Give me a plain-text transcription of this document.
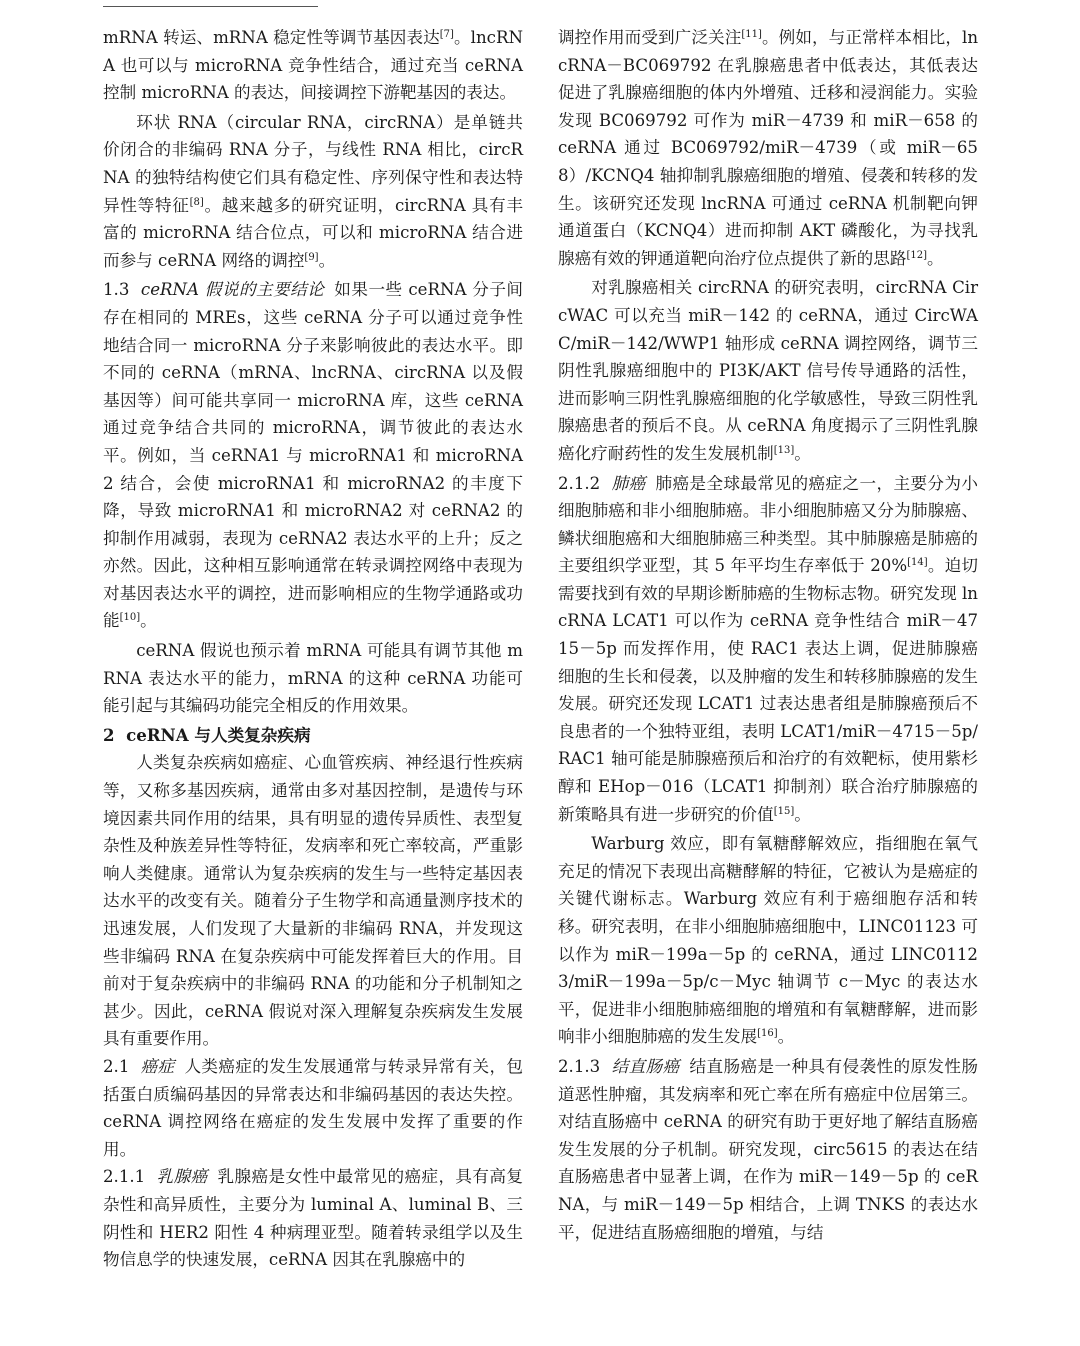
mRNA 转运、mRNA 稳定性等调节基因表达[7]。lncRNA 也可以与 microRNA 竞争性结合，通过充当 ceRNA 控制 microRNA 的表达，间接调控下游靶基因的表达。

环状 RNA（circular RNA，circRNA）是单链共价闭合的非编码 RNA 分子，与线性 RNA 相比，circRNA 的独特结构使它们具有稳定性、序列保守性和表达特异性等特征[8]。越来越多的研究证明，circRNA 具有丰富的 microRNA 结合位点，可以和 microRNA 结合进而参与 ceRNA 网络的调控[9]。

1.3 ceRNA 假说的主要结论 如果一些 ceRNA 分子间存在相同的 MREs，这些 ceRNA 分子可以通过竞争性地结合同一 microRNA 分子来影响彼此的表达水平。即不同的 ceRNA（mRNA、lncRNA、circRNA 以及假基因等）间可能共享同一 microRNA 库，这些 ceRNA 通过竞争结合共同的 microRNA，调节彼此的表达水平。例如，当 ceRNA1 与 microRNA1 和 microRNA2 结合，会使 microRNA1 和 microRNA2 的丰度下降，导致 microRNA1 和 microRNA2 对 ceRNA2 的抑制作用减弱，表现为 ceRNA2 表达水平的上升；反之亦然。因此，这种相互影响通常在转录调控网络中表现为对基因表达水平的调控，进而影响相应的生物学通路或功能[10]。

ceRNA 假说也预示着 mRNA 可能具有调节其他 mRNA 表达水平的能力，mRNA 的这种 ceRNA 功能可能引起与其编码功能完全相反的作用效果。

2 ceRNA 与人类复杂疾病

人类复杂疾病如癌症、心血管疾病、神经退行性疾病等，又称多基因疾病，通常由多对基因控制，是遗传与环境因素共同作用的结果，具有明显的遗传异质性、表型复杂性及种族差异性等特征，发病率和死亡率较高，严重影响人类健康。通常认为复杂疾病的发生与一些特定基因表达水平的改变有关。随着分子生物学和高通量测序技术的迅速发展，人们发现了大量新的非编码 RNA，并发现这些非编码 RNA 在复杂疾病中可能发挥着巨大的作用。目前对于复杂疾病中的非编码 RNA 的功能和分子机制知之甚少。因此，ceRNA 假说对深入理解复杂疾病发生发展具有重要作用。

2.1 癌症 人类癌症的发生发展通常与转录异常有关，包括蛋白质编码基因的异常表达和非编码基因的表达失控。ceRNA 调控网络在癌症的发生发展中发挥了重要的作用。

2.1.1 乳腺癌 乳腺癌是女性中最常见的癌症，具有高复杂性和高异质性，主要分为 luminal A、luminal B、三阴性和 HER2 阳性 4 种病理亚型。随着转录组学以及生物信息学的快速发展，ceRNA 因其在乳腺癌中的

调控作用而受到广泛关注[11]。例如，与正常样本相比，lncRNA－BC069792 在乳腺癌患者中低表达，其低表达促进了乳腺癌细胞的体内外增殖、迁移和浸润能力。实验发现 BC069792 可作为 miR－4739 和 miR－658 的 ceRNA 通过 BC069792/miR－4739（或 miR－658）/KCNQ4 轴抑制乳腺癌细胞的增殖、侵袭和转移的发生。该研究还发现 lncRNA 可通过 ceRNA 机制靶向钾通道蛋白（KCNQ4）进而抑制 AKT 磷酸化，为寻找乳腺癌有效的钾通道靶向治疗位点提供了新的思路[12]。

对乳腺癌相关 circRNA 的研究表明，circRNA CircWAC 可以充当 miR－142 的 ceRNA，通过 CircWAC/miR－142/WWP1 轴形成 ceRNA 调控网络，调节三阴性乳腺癌细胞中的 PI3K/AKT 信号传导通路的活性，进而影响三阴性乳腺癌细胞的化学敏感性，导致三阴性乳腺癌患者的预后不良。从 ceRNA 角度揭示了三阴性乳腺癌化疗耐药性的发生发展机制[13]。

2.1.2 肺癌 肺癌是全球最常见的癌症之一，主要分为小细胞肺癌和非小细胞肺癌。非小细胞肺癌又分为肺腺癌、鳞状细胞癌和大细胞肺癌三种类型。其中肺腺癌是肺癌的主要组织学亚型，其 5 年平均生存率低于 20%[14]。迫切需要找到有效的早期诊断肺癌的生物标志物。研究发现 lncRNA LCAT1 可以作为 ceRNA 竞争性结合 miR－4715－5p 而发挥作用，使 RAC1 表达上调，促进肺腺癌细胞的生长和侵袭，以及肿瘤的发生和转移肺腺癌的发生发展。研究还发现 LCAT1 过表达患者组是肺腺癌预后不良患者的一个独特亚组，表明 LCAT1/miR－4715－5p/RAC1 轴可能是肺腺癌预后和治疗的有效靶标，使用紫杉醇和 EHop－016（LCAT1 抑制剂）联合治疗肺腺癌的新策略具有进一步研究的价值[15]。

Warburg 效应，即有氧糖酵解效应，指细胞在氧气充足的情况下表现出高糖酵解的特征，它被认为是癌症的关键代谢标志。Warburg 效应有利于癌细胞存活和转移。研究表明，在非小细胞肺癌细胞中，LINC01123 可以作为 miR－199a－5p 的 ceRNA，通过 LINC01123/miR－199a－5p/c－Myc 轴调节 c－Myc 的表达水平，促进非小细胞肺癌细胞的增殖和有氧糖酵解，进而影响非小细胞肺癌的发生发展[16]。

2.1.3 结直肠癌 结直肠癌是一种具有侵袭性的原发性肠道恶性肿瘤，其发病率和死亡率在所有癌症中位居第三。对结直肠癌中 ceRNA 的研究有助于更好地了解结直肠癌发生发展的分子机制。研究发现，circ5615 的表达在结直肠癌患者中显著上调，在作为 miR－149－5p 的 ceRNA，与 miR－149－5p 相结合，上调 TNKS 的表达水平，促进结直肠癌细胞的增殖，与结
